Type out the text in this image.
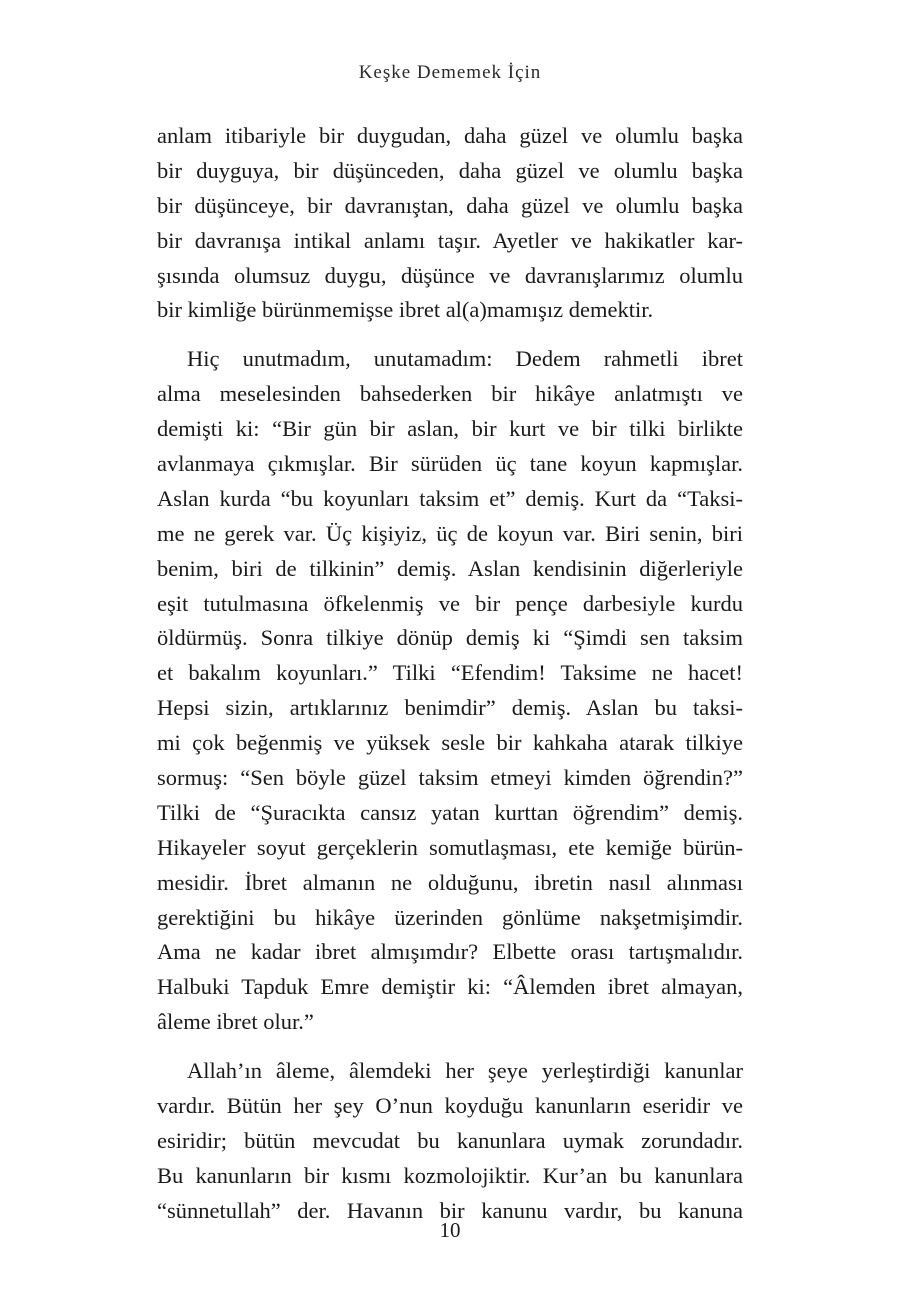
Keşke Dememek İçin

anlam itibariyle bir duygudan, daha güzel ve olumlu başka
bir duyguya, bir düşünceden, daha güzel ve olumlu başka
bir düşünceye, bir davranıştan, daha güzel ve olumlu başka
bir davranışa intikal anlamı taşır. Ayetler ve hakikatler kar-
şısında olumsuz duygu, düşünce ve davranışlarımız olumlu
bir kimliğe bürünmemişse ibret al(a)mamışız demektir.

Hiç unutmadım, unutamadım: Dedem rahmetli ibret
alma meselesinden bahsederken bir hikâye anlatmıştı ve
demişti ki: “Bir gün bir aslan, bir kurt ve bir tilki birlikte
avlanmaya çıkmışlar. Bir sürüden üç tane koyun kapmışlar.
Aslan kurda “bu koyunları taksim et” demiş. Kurt da “Taksi-
me ne gerek var. Üç kişiyiz, üç de koyun var. Biri senin, biri
benim, biri de tilkinin” demiş. Aslan kendisinin diğerleriyle
eşit tutulmasına öfkelenmiş ve bir pençe darbesiyle kurdu
öldürmüş. Sonra tilkiye dönüp demiş ki “Şimdi sen taksim
et bakalım koyunları.” Tilki “Efendim! Taksime ne hacet!
Hepsi sizin, artıklarınız benimdir” demiş. Aslan bu taksi-
mi çok beğenmiş ve yüksek sesle bir kahkaha atarak tilkiye
sormuş: “Sen böyle güzel taksim etmeyi kimden öğrendin?”
Tilki de “Şuracıkta cansız yatan kurttan öğrendim” demiş.
Hikayeler soyut gerçeklerin somutlaşması, ete kemiğe bürün-
mesidir. İbret almanın ne olduğunu, ibretin nasıl alınması
gerektiğini bu hikâye üzerinden gönlüme nakşetmişimdir.
Ama ne kadar ibret almışımdır? Elbette orası tartışmalıdır.
Halbuki Tapduk Emre demiştir ki: “Âlemden ibret almayan,
âleme ibret olur.”

Allah’ın âleme, âlemdeki her şeye yerleştirdiği kanunlar
vardır. Bütün her şey O’nun koyduğu kanunların eseridir ve
esiridir; bütün mevcudat bu kanunlara uymak zorundadır.
Bu kanunların bir kısmı kozmolojiktir. Kur’an bu kanunlara
“sünnetullah” der. Havanın bir kanunu vardır, bu kanuna

10
